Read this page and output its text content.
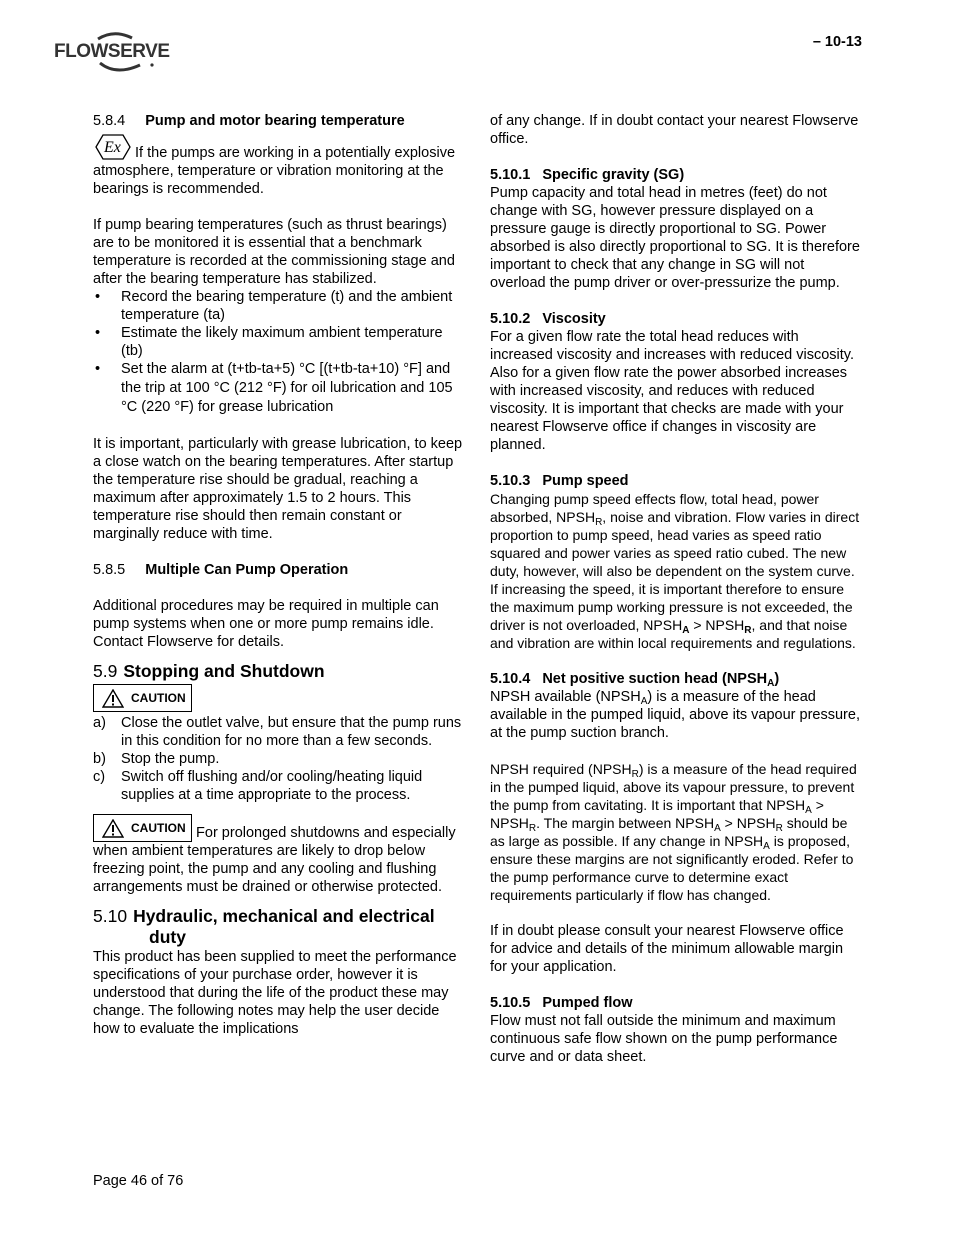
FLOWSERVE	– 10-13

5.8.4 Pump and motor bearing temperature

Ex If the pumps are working in a potentially explosive atmosphere, temperature or vibration monitoring at the bearings is recommended.

If pump bearing temperatures (such as thrust bearings) are to be monitored it is essential that a benchmark temperature is recorded at the commissioning stage and after the bearing temperature has stabilized.

• Record the bearing temperature (t) and the ambient temperature (ta)
• Estimate the likely maximum ambient temperature (tb)
• Set the alarm at (t+tb-ta+5) °C [(t+tb-ta+10) °F] and the trip at 100 °C (212 °F) for oil lubrication and 105 °C (220 °F) for grease lubrication

It is important, particularly with grease lubrication, to keep a close watch on the bearing temperatures. After startup the temperature rise should be gradual, reaching a maximum after approximately 1.5 to 2 hours. This temperature rise should then remain constant or marginally reduce with time.

5.8.5 Multiple Can Pump Operation

Additional procedures may be required in multiple can pump systems when one or more pump remains idle. Contact Flowserve for details.

5.9 Stopping and Shutdown

CAUTION
a) Close the outlet valve, but ensure that the pump runs in this condition for no more than a few seconds.
b) Stop the pump.
c) Switch off flushing and/or cooling/heating liquid supplies at a time appropriate to the process.

CAUTION For prolonged shutdowns and especially when ambient temperatures are likely to drop below freezing point, the pump and any cooling and flushing arrangements must be drained or otherwise protected.

5.10 Hydraulic, mechanical and electrical
duty

This product has been supplied to meet the performance specifications of your purchase order, however it is understood that during the life of the product these may change. The following notes may help the user decide how to evaluate the implications

of any change. If in doubt contact your nearest Flowserve office.

5.10.1 Specific gravity (SG)

Pump capacity and total head in metres (feet) do not change with SG, however pressure displayed on a pressure gauge is directly proportional to SG. Power absorbed is also directly proportional to SG. It is therefore important to check that any change in SG will not overload the pump driver or over-pressurize the pump.

5.10.2 Viscosity

For a given flow rate the total head reduces with increased viscosity and increases with reduced viscosity. Also for a given flow rate the power absorbed increases with increased viscosity, and reduces with reduced viscosity. It is important that checks are made with your nearest Flowserve office if changes in viscosity are planned.

5.10.3 Pump speed

Changing pump speed effects flow, total head, power absorbed, $NPSH_R$, noise and vibration. Flow varies in direct proportion to pump speed, head varies as speed ratio squared and power varies as speed ratio cubed. The new duty, however, will also be dependent on the system curve. If increasing the speed, it is important therefore to ensure the maximum pump working pressure is not exceeded, the driver is not overloaded, $NPSH_A$ > $NPSH_R$, and that noise and vibration are within local requirements and regulations.

5.10.4 Net positive suction head $(NPSH_A)$

NPSH available $(NPSH_A)$ is a measure of the head available in the pumped liquid, above its vapour pressure, at the pump suction branch.

NPSH required $(NPSH_R)$ is a measure of the head required in the pumped liquid, above its vapour pressure, to prevent the pump from cavitating. It is important that $NPSH_A$ > $NPSH_R$. The margin between $NPSH_A$ > $NPSH_R$ should be as large as possible. If any change in $NPSH_A$ is proposed, ensure these margins are not significantly eroded. Refer to the pump performance curve to determine exact requirements particularly if flow has changed.

If in doubt please consult your nearest Flowserve office for advice and details of the minimum allowable margin for your application.

5.10.5 Pumped flow

Flow must not fall outside the minimum and maximum continuous safe flow shown on the pump performance curve and or data sheet.

Page 46 of 76
